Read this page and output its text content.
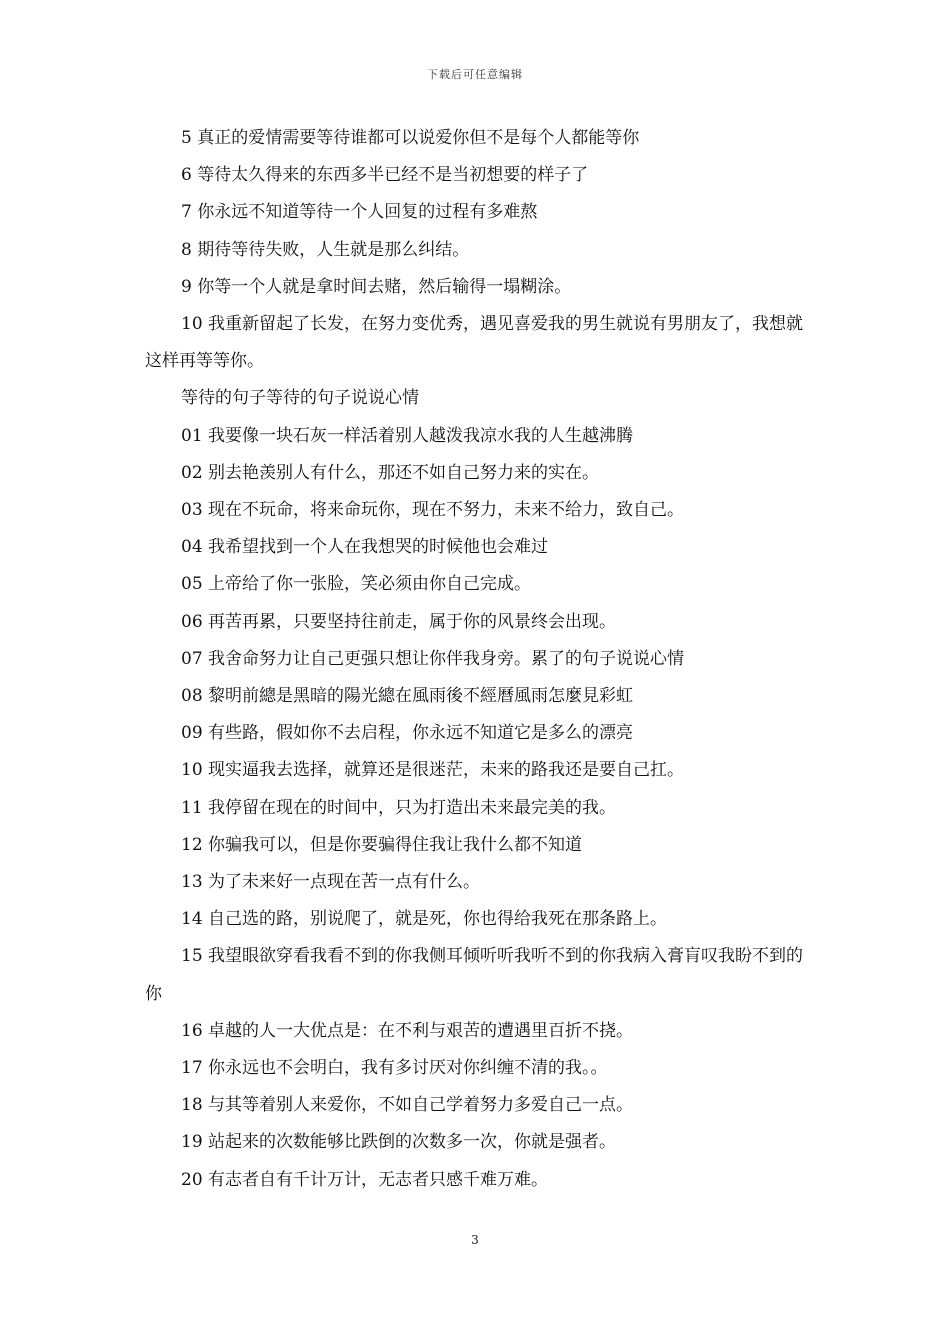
下载后可任意编辑

5 真正的爱情需要等待谁都可以说爱你但不是每个人都能等你

6 等待太久得来的东西多半已经不是当初想要的样子了

7 你永远不知道等待一个人回复的过程有多难熬

8 期待等待失败，人生就是那么纠结。

9 你等一个人就是拿时间去赌，然后输得一塌糊涂。

10 我重新留起了长发，在努力变优秀，遇见喜爱我的男生就说有男朋友了，我想就这样再等等你。

等待的句子等待的句子说说心情

01 我要像一块石灰一样活着别人越泼我凉水我的人生越沸腾

02 别去艳羡别人有什么，那还不如自己努力来的实在。

03 现在不玩命，将来命玩你，现在不努力，未来不给力，致自己。

04 我希望找到一个人在我想哭的时候他也会难过

05 上帝给了你一张脸，笑必须由你自己完成。

06 再苦再累，只要坚持往前走，属于你的风景终会出现。

07 我舍命努力让自己更强只想让你伴我身旁。累了的句子说说心情

08 黎明前總是黑暗的陽光總在風雨後不經曆風雨怎麼見彩虹

09 有些路，假如你不去启程，你永远不知道它是多么的漂亮

10 现实逼我去选择，就算还是很迷茫，未来的路我还是要自己扛。

11 我停留在现在的时间中，只为打造出未来最完美的我。

12 你骗我可以，但是你要骗得住我让我什么都不知道

13 为了未来好一点现在苦一点有什么。

14 自己选的路，别说爬了，就是死，你也得给我死在那条路上。

15 我望眼欲穿看我看不到的你我侧耳倾听听我听不到的你我病入膏肓叹我盼不到的你

16 卓越的人一大优点是：在不利与艰苦的遭遇里百折不挠。

17 你永远也不会明白，我有多讨厌对你纠缠不清的我。。

18 与其等着别人来爱你，不如自己学着努力多爱自己一点。

19 站起来的次数能够比跌倒的次数多一次，你就是强者。

20 有志者自有千计万计，无志者只感千难万难。

3
